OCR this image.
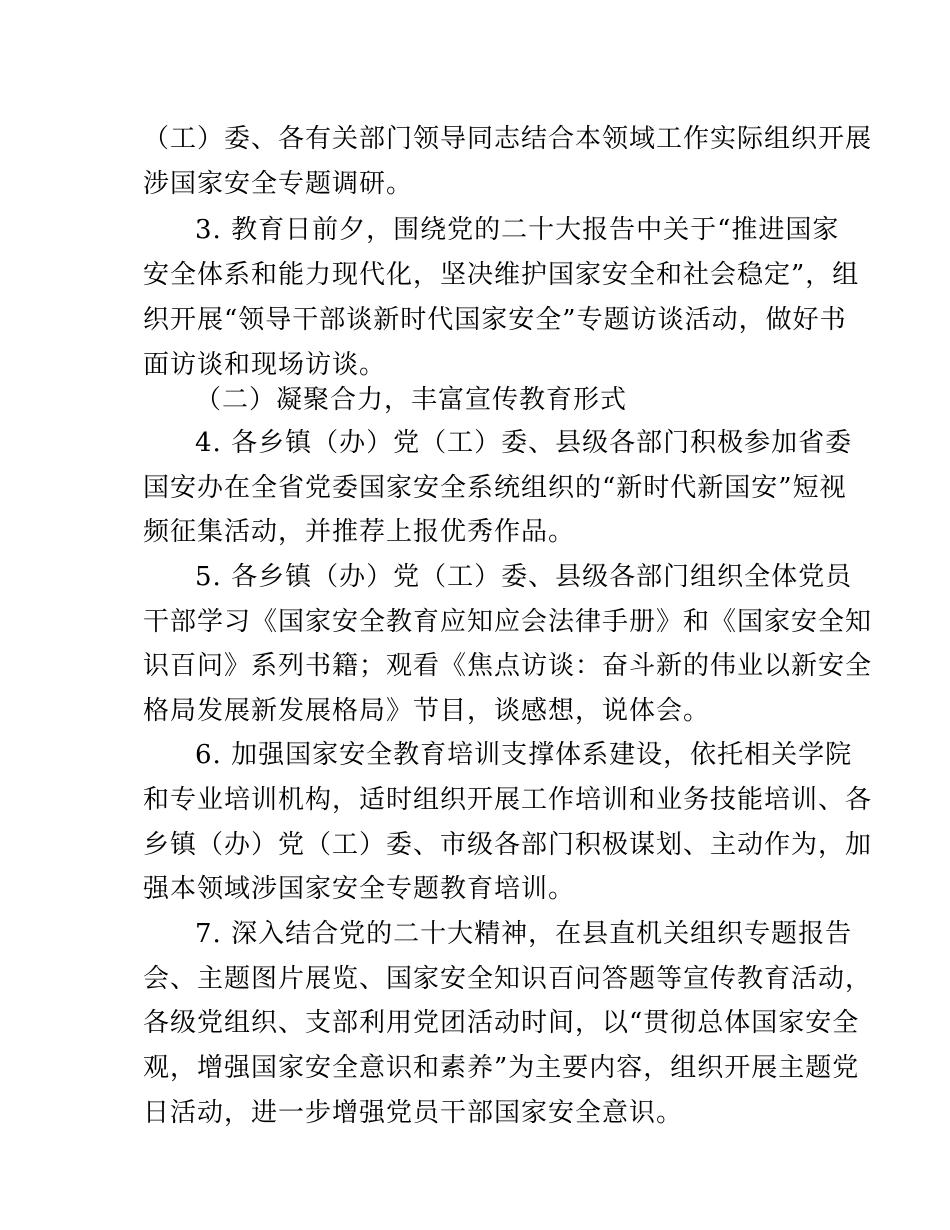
（工）委、各有关部门领导同志结合本领域工作实际组织开展
涉国家安全专题调研。
3. 教育日前夕，围绕党的二十大报告中关于“推进国家
安全体系和能力现代化，坚决维护国家安全和社会稳定”，组
织开展“领导干部谈新时代国家安全”专题访谈活动，做好书
面访谈和现场访谈。
（二）凝聚合力，丰富宣传教育形式
4. 各乡镇（办）党（工）委、县级各部门积极参加省委
国安办在全省党委国家安全系统组织的“新时代新国安”短视
频征集活动，并推荐上报优秀作品。
5. 各乡镇（办）党（工）委、县级各部门组织全体党员
干部学习《国家安全教育应知应会法律手册》和《国家安全知
识百问》系列书籍；观看《焦点访谈：奋斗新的伟业以新安全
格局发展新发展格局》节目，谈感想，说体会。
6. 加强国家安全教育培训支撑体系建设，依托相关学院
和专业培训机构，适时组织开展工作培训和业务技能培训、各
乡镇（办）党（工）委、市级各部门积极谋划、主动作为，加
强本领域涉国家安全专题教育培训。
7. 深入结合党的二十大精神，在县直机关组织专题报告
会、主题图片展览、国家安全知识百问答题等宣传教育活动，
各级党组织、支部利用党团活动时间，以“贯彻总体国家安全
观，增强国家安全意识和素养”为主要内容，组织开展主题党
日活动，进一步增强党员干部国家安全意识。
